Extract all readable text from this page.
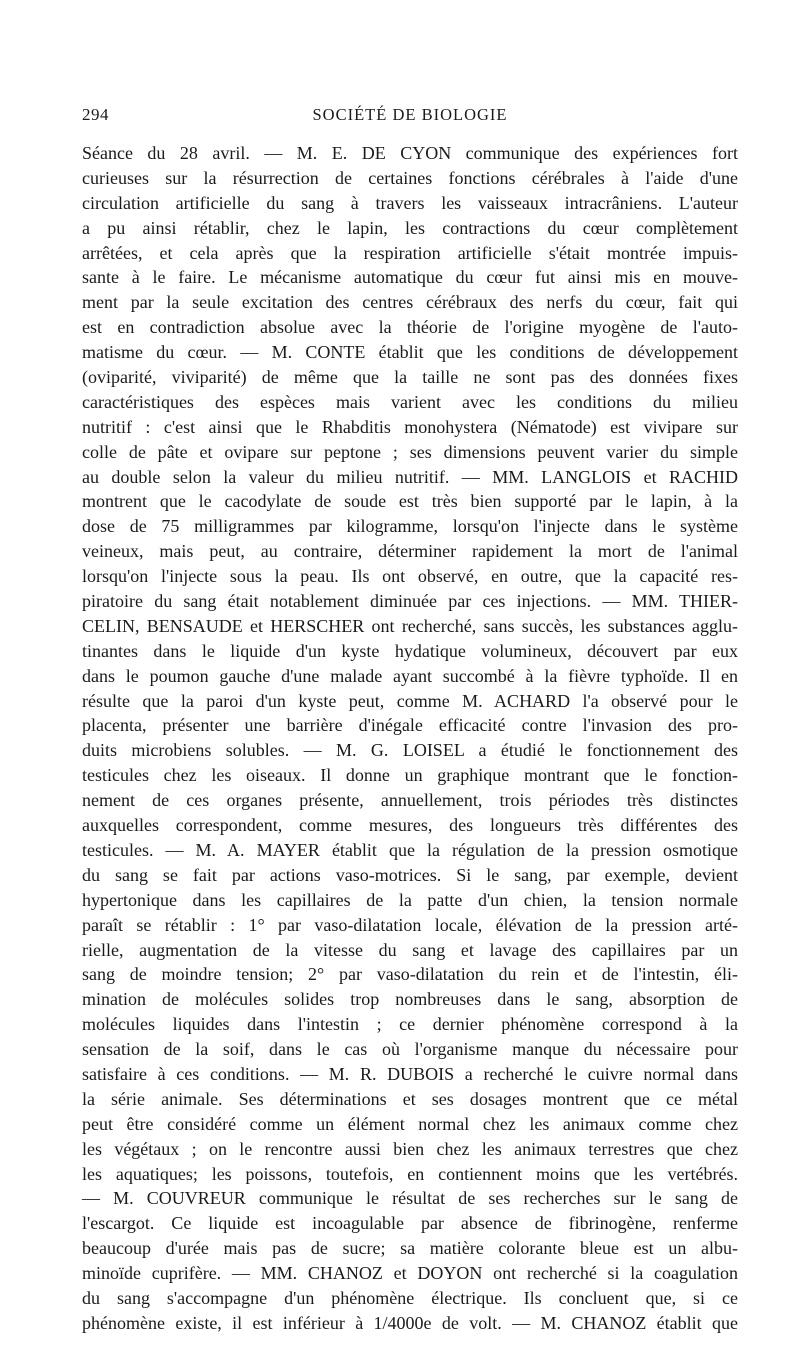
294	SOCIÉTÉ DE BIOLOGIE
Séance du 28 avril. — M. E. DE CYON communique des expériences fort
curieuses sur la résurrection de certaines fonctions cérébrales à l'aide d'une
circulation artificielle du sang à travers les vaisseaux intracrâniens. L'auteur
a pu ainsi rétablir, chez le lapin, les contractions du cœur complètement
arrêtées, et cela après que la respiration artificielle s'était montrée impuis-
sante à le faire. Le mécanisme automatique du cœur fut ainsi mis en mouve-
ment par la seule excitation des centres cérébraux des nerfs du cœur, fait qui
est en contradiction absolue avec la théorie de l'origine myogène de l'auto-
matisme du cœur. — M. CONTE établit que les conditions de développement
(oviparité, viviparité) de même que la taille ne sont pas des données fixes
caractéristiques des espèces mais varient avec les conditions du milieu
nutritif : c'est ainsi que le Rhabditis monohystera (Nématode) est vivipare sur
colle de pâte et ovipare sur peptone ; ses dimensions peuvent varier du simple
au double selon la valeur du milieu nutritif. — MM. LANGLOIS et RACHID
montrent que le cacodylate de soude est très bien supporté par le lapin, à la
dose de 75 milligrammes par kilogramme, lorsqu'on l'injecte dans le système
veineux, mais peut, au contraire, déterminer rapidement la mort de l'animal
lorsqu'on l'injecte sous la peau. Ils ont observé, en outre, que la capacité res-
piratoire du sang était notablement diminuée par ces injections. — MM. THIER-
CELIN, BENSAUDE et HERSCHER ont recherché, sans succès, les substances agglu-
tinantes dans le liquide d'un kyste hydatique volumineux, découvert par eux
dans le poumon gauche d'une malade ayant succombé à la fièvre typhoïde. Il en
résulte que la paroi d'un kyste peut, comme M. ACHARD l'a observé pour le
placenta, présenter une barrière d'inégale efficacité contre l'invasion des pro-
duits microbiens solubles. — M. G. LOISEL a étudié le fonctionnement des
testicules chez les oiseaux. Il donne un graphique montrant que le fonction-
nement de ces organes présente, annuellement, trois périodes très distinctes
auxquelles correspondent, comme mesures, des longueurs très différentes des
testicules. — M. A. MAYER établit que la régulation de la pression osmotique
du sang se fait par actions vaso-motrices. Si le sang, par exemple, devient
hypertonique dans les capillaires de la patte d'un chien, la tension normale
paraît se rétablir : 1° par vaso-dilatation locale, élévation de la pression arté-
rielle, augmentation de la vitesse du sang et lavage des capillaires par un
sang de moindre tension; 2° par vaso-dilatation du rein et de l'intestin, éli-
mination de molécules solides trop nombreuses dans le sang, absorption de
molécules liquides dans l'intestin ; ce dernier phénomène correspond à la
sensation de la soif, dans le cas où l'organisme manque du nécessaire pour
satisfaire à ces conditions. — M. R. DUBOIS a recherché le cuivre normal dans
la série animale. Ses déterminations et ses dosages montrent que ce métal
peut être considéré comme un élément normal chez les animaux comme chez
les végétaux ; on le rencontre aussi bien chez les animaux terrestres que chez
les aquatiques; les poissons, toutefois, en contiennent moins que les vertébrés.
— M. COUVREUR communique le résultat de ses recherches sur le sang de
l'escargot. Ce liquide est incoagulable par absence de fibrinogène, renferme
beaucoup d'urée mais pas de sucre; sa matière colorante bleue est un albu-
minoïde cuprifère. — MM. CHANOZ et DOYON ont recherché si la coagulation
du sang s'accompagne d'un phénomène électrique. Ils concluent que, si ce
phénomène existe, il est inférieur à 1/4000e de volt. — M. CHANOZ établit que
